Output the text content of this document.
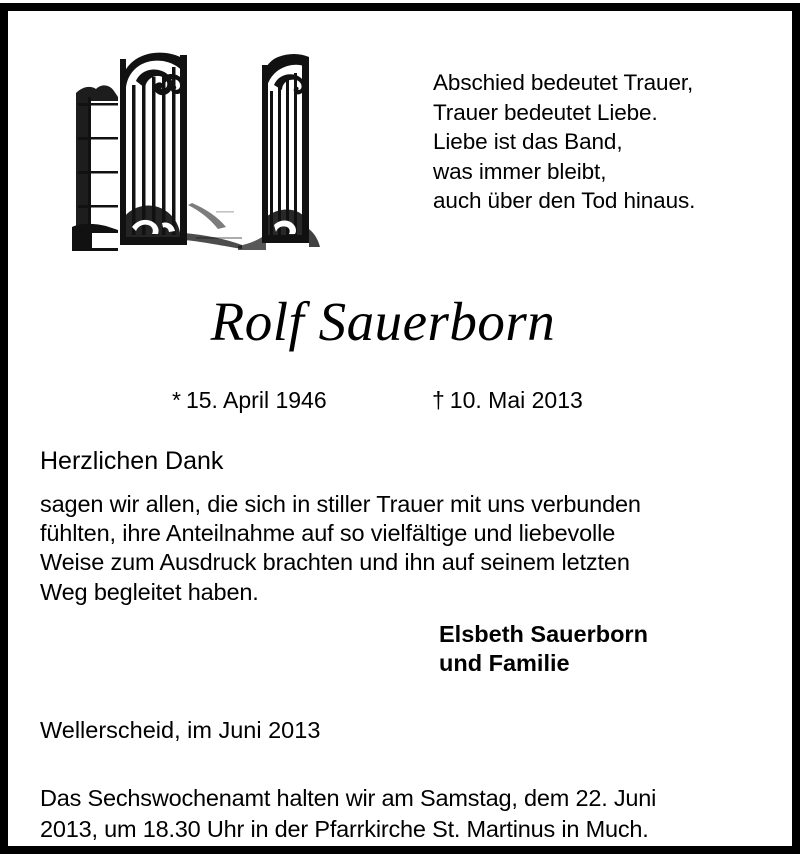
Abschied bedeutet Trauer,
Trauer bedeutet Liebe.
Liebe ist das Band,
was immer bleibt,
auch über den Tod hinaus.
Rolf Sauerborn
* 15. April 1946	† 10. Mai 2013
Herzlichen Dank
sagen wir allen, die sich in stiller Trauer mit uns verbunden
fühlten, ihre Anteilnahme auf so vielfältige und liebevolle
Weise zum Ausdruck brachten und ihn auf seinem letzten
Weg begleitet haben.
Elsbeth Sauerborn
und Familie
Wellerscheid, im Juni 2013
Das Sechswochenamt halten wir am Samstag, dem 22. Juni
2013, um 18.30 Uhr in der Pfarrkirche St. Martinus in Much.
